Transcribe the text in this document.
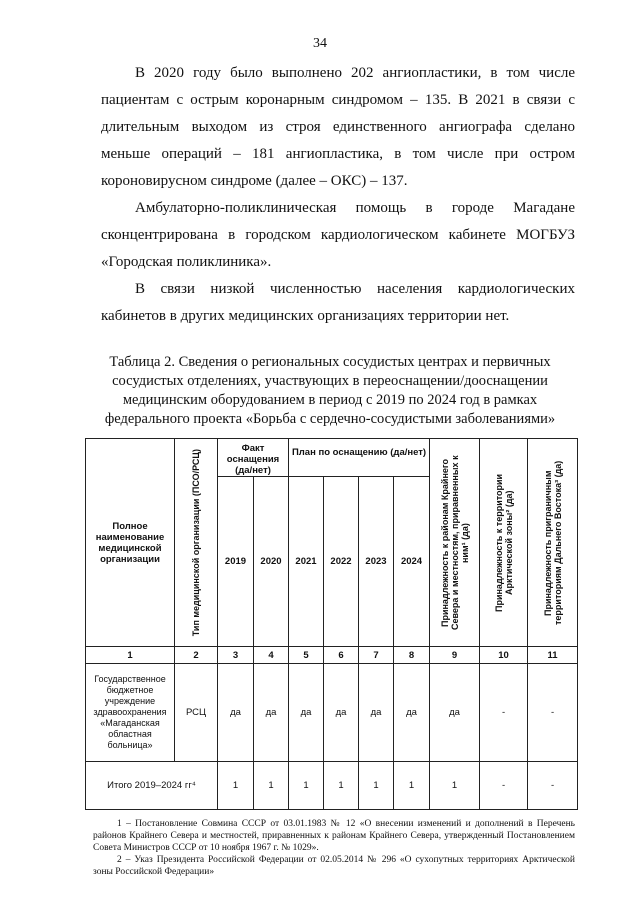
34

В 2020 году было выполнено 202 ангиопластики, в том числе пациентам с острым коронарным синдромом – 135. В 2021 в связи с длительным выходом из строя единственного ангиографа сделано меньше операций – 181 ангиопластика, в том числе при остром короновирусном синдроме (далее – ОКС) – 137.

Амбулаторно-поликлиническая помощь в городе Магадане сконцентрирована в городском кардиологическом кабинете МОГБУЗ «Городская поликлиника».

В связи низкой численностью населения кардиологических кабинетов в других медицинских организациях территории нет.

Таблица 2. Сведения о региональных сосудистых центрах и первичных сосудистых отделениях, участвующих в переоснащении/дооснащении медицинским оборудованием в период с 2019 по 2024 год в рамках федерального проекта «Борьба с сердечно-сосудистыми заболеваниями»

Полное наименование медицинской организации	Тип медицинской организации (ПСО/РСЦ)	Факт оснащения (да/нет)		План по оснащению (да/нет)				Принадлежность к районам Крайнего Севера и местностям, приравненных к ним¹ (да)	Принадлежность к территории Арктической зоны² (да)	Принадлежность приграничным территориям Дальнего Востока³ (да)

		2019	2020	2021	2022	2023	2024			
1	2	3	4	5	6	7	8	9	10	11
Государственное бюджетное учреждение здравоохранения «Магаданская областная больница»	РСЦ	да	да	да	да	да	да	да	-	-
Итого 2019–2024 гг⁴		1	1	1	1	1	1	1	-	-

1 – Постановление Совмина СССР от 03.01.1983 № 12 «О внесении изменений и дополнений в Перечень районов Крайнего Севера и местностей, приравненных к районам Крайнего Севера, утвержденный Постановлением Совета Министров СССР от 10 ноября 1967 г. № 1029».

2 – Указ Президента Российской Федерации от 02.05.2014 № 296 «О сухопутных территориях Арктической зоны Российской Федерации»
